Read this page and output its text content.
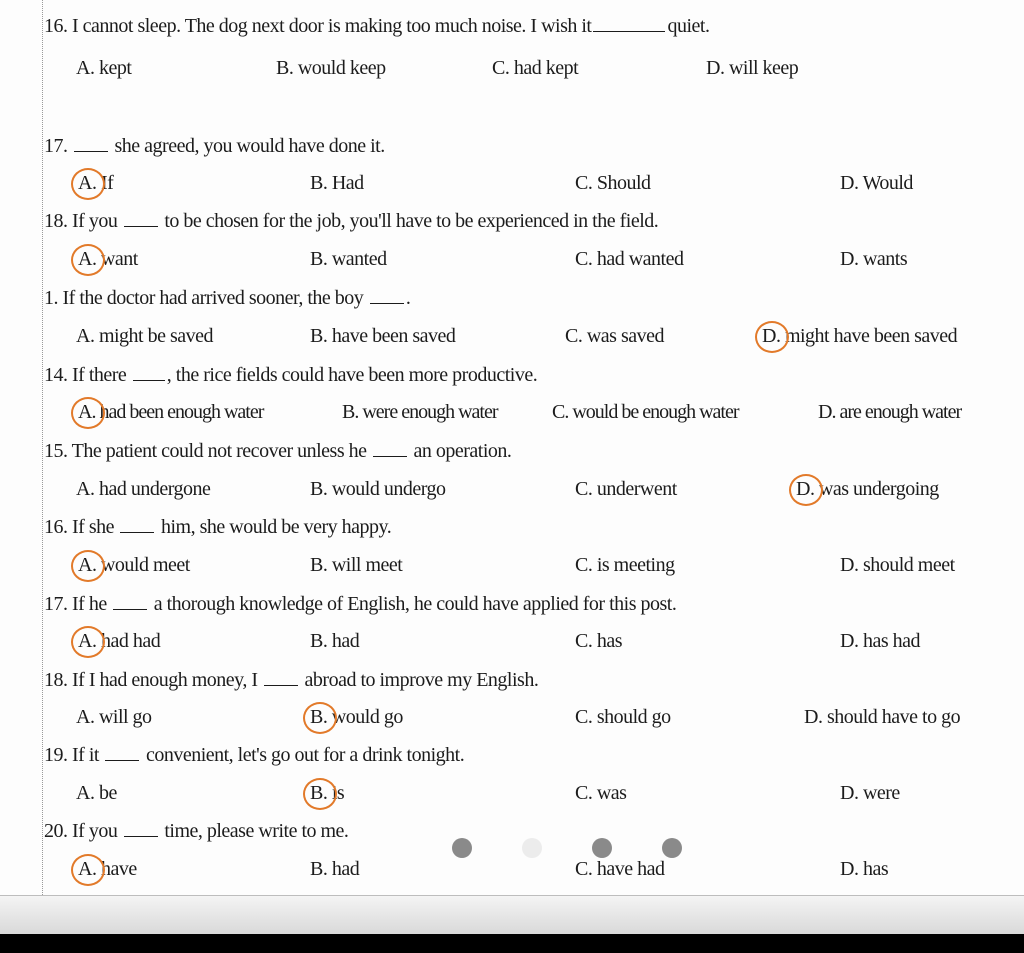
16. I cannot sleep. The dog next door is making too much noise. I wish it	quiet.
A. kept	B. would keep	C. had kept	D. will keep
17. she agreed, you would have done it.
A. If	B. Had	C. Should	D. Would
18. If you to be chosen for the job, you'll have to be experienced in the field.
A. want	B. wanted	C. had wanted	D. wants
1. If the doctor had arrived sooner, the boy .
A. might be saved	B. have been saved	C. was saved	D. might have been saved
14. If there , the rice fields could have been more productive.
A. had been enough water	B. were enough water	C. would be enough water	D. are enough water
15. The patient could not recover unless he an operation.
A. had undergone	B. would undergo	C. underwent	D. was undergoing
16. If she him, she would be very happy.
A. would meet	B. will meet	C. is meeting	D. should meet
17. If he a thorough knowledge of English, he could have applied for this post.
A. had had	B. had	C. has	D. has had
18. If I had enough money, I abroad to improve my English.
A. will go	B. would go	C. should go	D. should have to go
19. If it convenient, let's go out for a drink tonight.
A. be	B. is	C. was	D. were
20. If you time, please write to me.
A. have	B. had	C. have had	D. has
